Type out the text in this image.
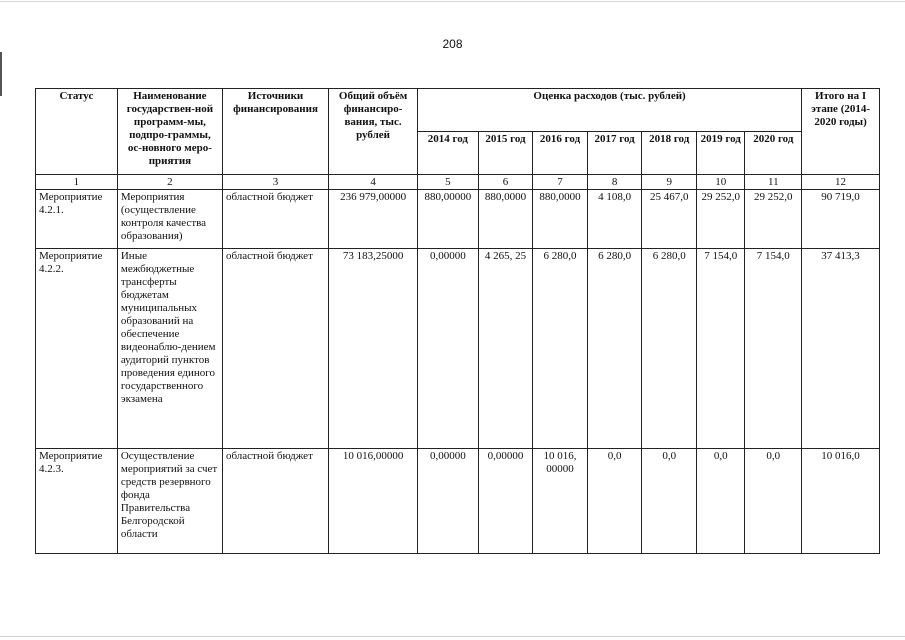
208
Статус	Наименование государствен-ной программ-мы, подпро-граммы, ос-новного меро-приятия	Источники финансирования	Общий объём финансиро-вания, тыс. рублей	Оценка расходов (тыс. рублей)							Итого на I этапе (2014-2020 годы)
				2014 год	2015 год	2016 год	2017 год	2018 год	2019 год	2020 год	
1	2	3	4	5	6	7	8	9	10	11	12
Мероприятие 4.2.1.	Мероприятия (осуществление контроля качества образования)	областной бюджет	236 979,00000	880,00000	880,0000	880,0000	4 108,0	25 467,0	29 252,0	29 252,0	90 719,0
Мероприятие 4.2.2.	Иные межбюджетные трансферты бюджетам муниципальных образований на обеспечение видеонаблю-дением аудиторий пунктов проведения единого государственного экзамена	областной бюджет	73 183,25000	0,00000	4 265, 25	6 280,0	6 280,0	6 280,0	7 154,0	7 154,0	37 413,3
Мероприятие 4.2.3.	Осуществление мероприятий за счет средств резервного фонда Правительства Белгородской области	областной бюджет	10 016,00000	0,00000	0,00000	10 016, 00000	0,0	0,0	0,0	0,0	10 016,0
